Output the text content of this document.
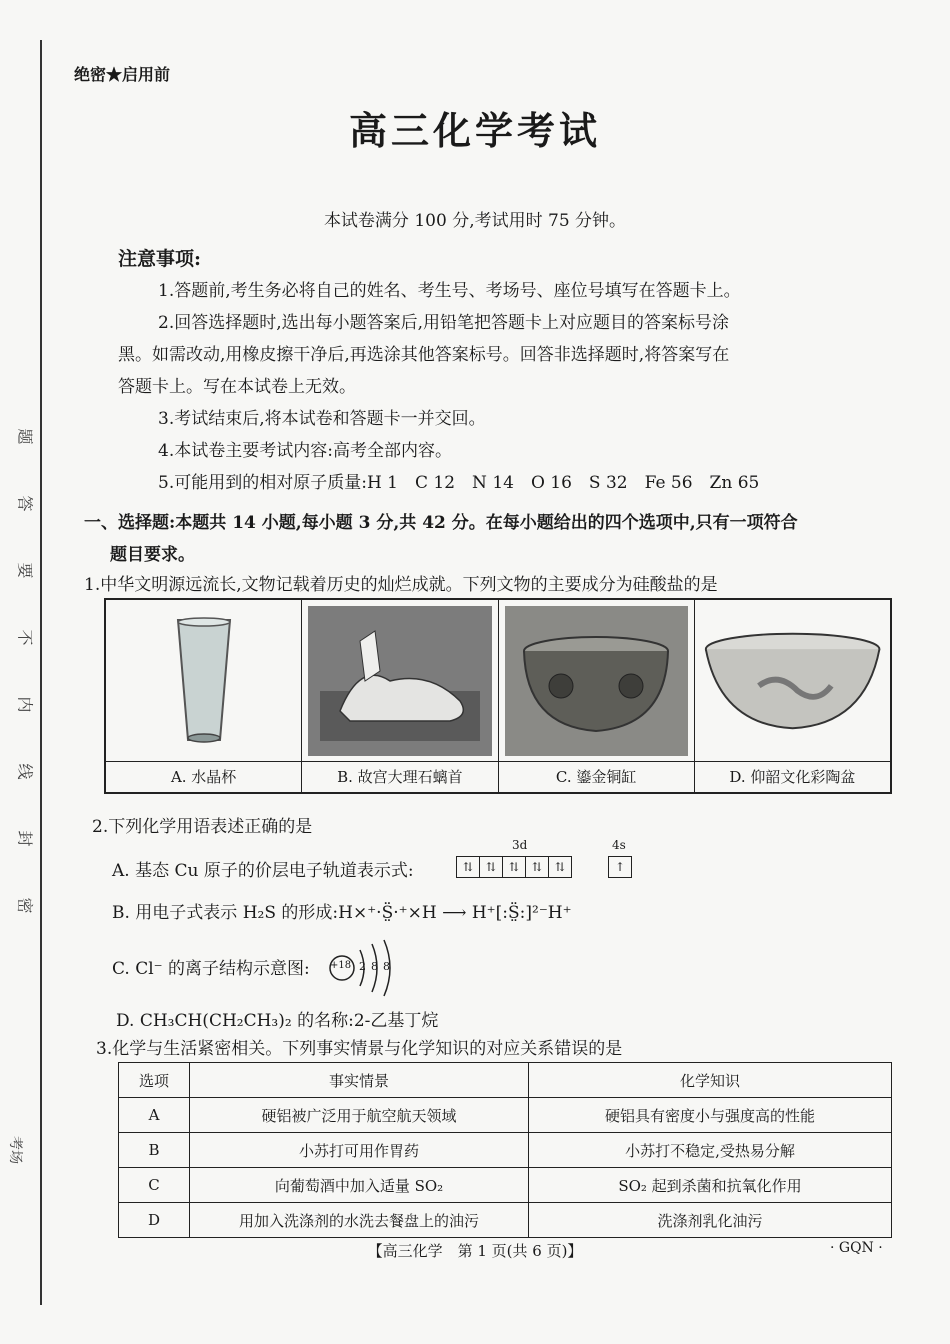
题
答
要
不
内
线
封
密
考场
绝密★启用前
高三化学考试
本试卷满分 100 分,考试用时 75 分钟。
注意事项:
1.答题前,考生务必将自己的姓名、考生号、考场号、座位号填写在答题卡上。
2.回答选择题时,选出每小题答案后,用铅笔把答题卡上对应题目的答案标号涂
黑。如需改动,用橡皮擦干净后,再选涂其他答案标号。回答非选择题时,将答案写在
答题卡上。写在本试卷上无效。
3.考试结束后,将本试卷和答题卡一并交回。
4.本试卷主要考试内容:高考全部内容。
5.可能用到的相对原子质量:H 1　C 12　N 14　O 16　S 32　Fe 56　Zn 65
一、选择题:本题共 14 小题,每小题 3 分,共 42 分。在每小题给出的四个选项中,只有一项符合
题目要求。
1.中华文明源远流长,文物记载着历史的灿烂成就。下列文物的主要成分为硅酸盐的是
A. 水晶杯	B. 故宫大理石螭首	C. 鎏金铜缸	D. 仰韶文化彩陶盆
2.下列化学用语表述正确的是
A. 基态 Cu 原子的价层电子轨道表示式:
3d	4s
⇅ ⇅ ⇅ ⇅ ⇅	↑
B. 用电子式表示 H₂S 的形成:H×⁺·S̤̈·⁺×H ⟶ H⁺[:S̤̈:]²⁻H⁺
C. Cl⁻ 的离子结构示意图: +18 2 8 8
D. CH₃CH(CH₂CH₃)₂ 的名称:2-乙基丁烷
3.化学与生活紧密相关。下列事实情景与化学知识的对应关系错误的是
选项	事实情景	化学知识
A	硬铝被广泛用于航空航天领域	硬铝具有密度小与强度高的性能
B	小苏打可用作胃药	小苏打不稳定,受热易分解
C	向葡萄酒中加入适量 SO₂	SO₂ 起到杀菌和抗氧化作用
D	用加入洗涤剂的水洗去餐盘上的油污	洗涤剂乳化油污
【高三化学　第 1 页(共 6 页)】	· GQN ·
